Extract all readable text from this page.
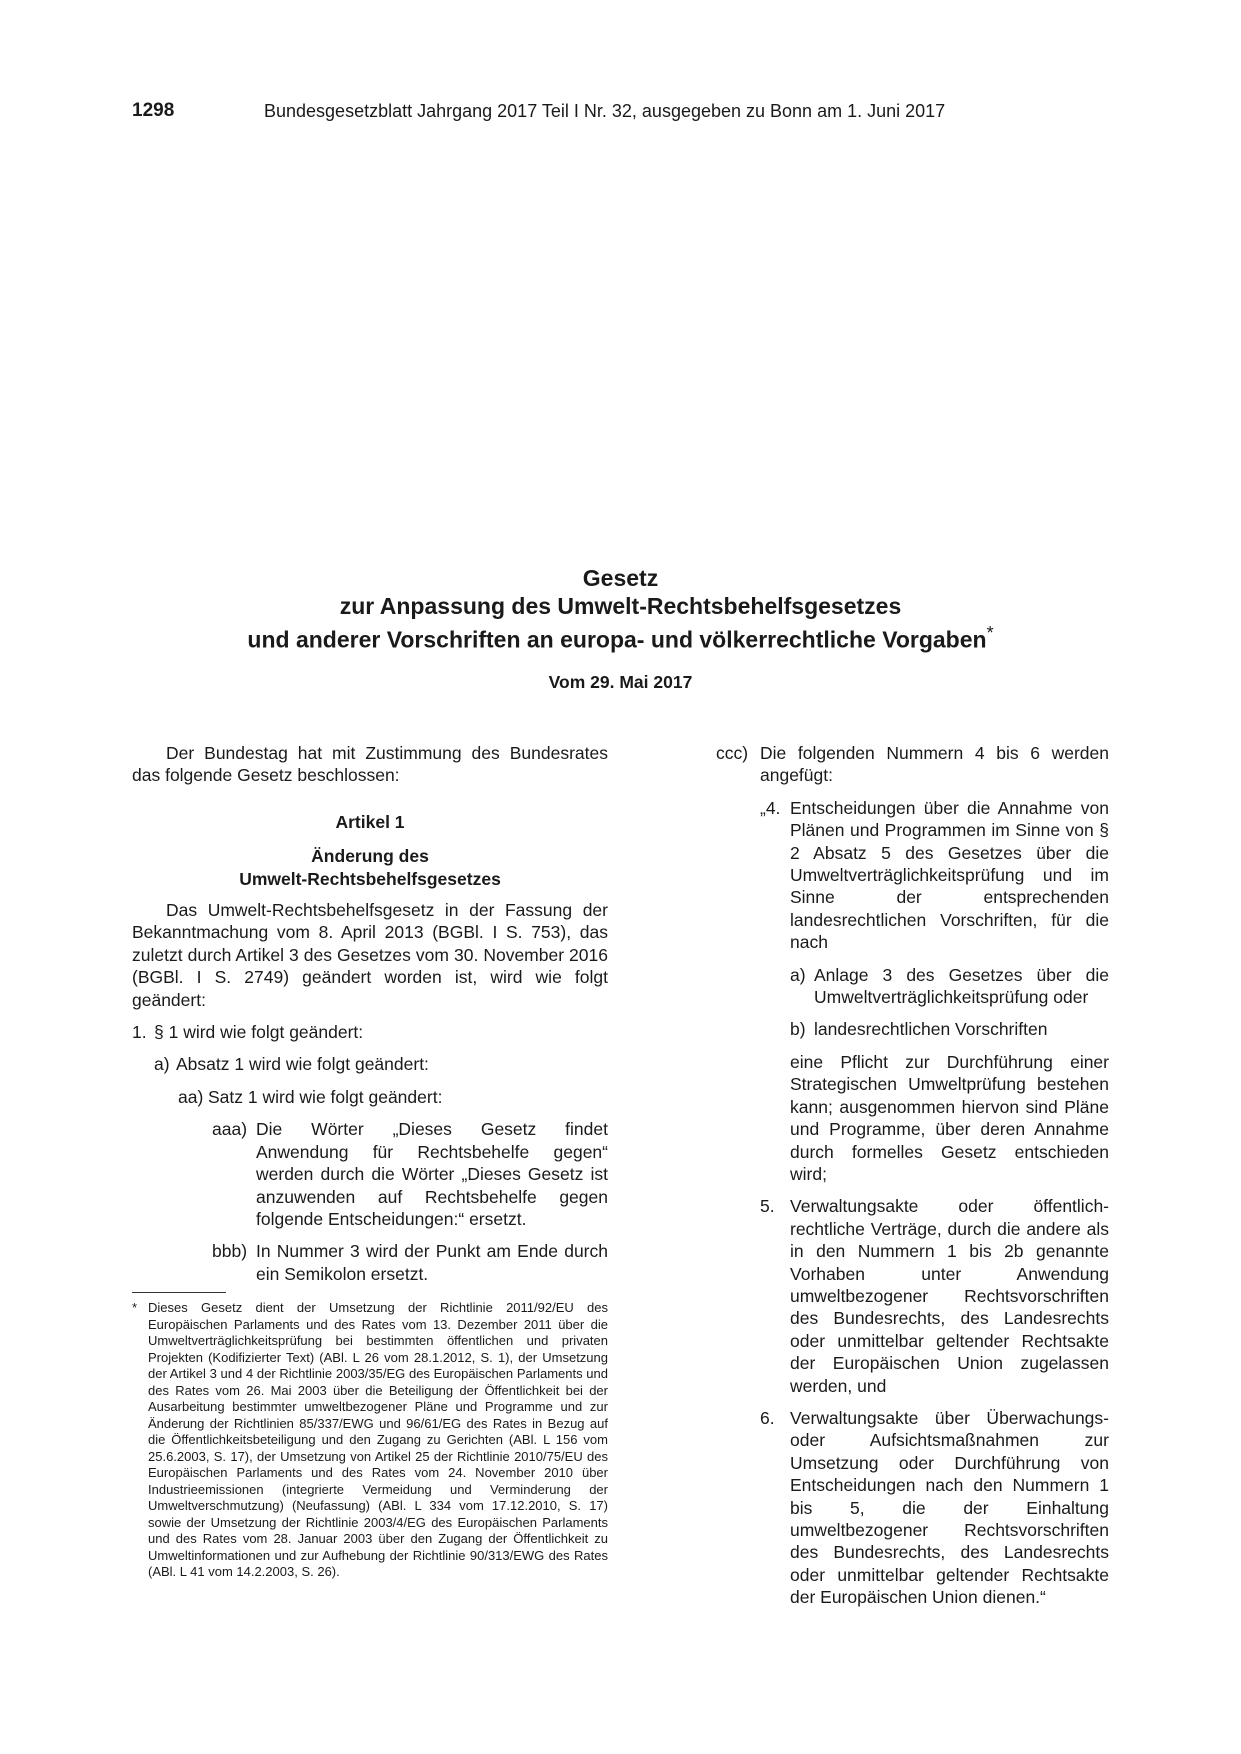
1298	Bundesgesetzblatt Jahrgang 2017 Teil I Nr. 32, ausgegeben zu Bonn am 1. Juni 2017
Gesetz
zur Anpassung des Umwelt-Rechtsbehelfsgesetzes
und anderer Vorschriften an europa- und völkerrechtliche Vorgaben*
Vom 29. Mai 2017

Der Bundestag hat mit Zustimmung des Bundesrates das folgende Gesetz beschlossen:

Artikel 1

Änderung des

Umwelt-Rechtsbehelfsgesetzes

Das Umwelt-Rechtsbehelfsgesetz in der Fassung der Bekanntmachung vom 8. April 2013 (BGBl. I S. 753), das zuletzt durch Artikel 3 des Gesetzes vom 30. November 2016 (BGBl. I S. 2749) geändert worden ist, wird wie folgt geändert:

1. § 1 wird wie folgt geändert:
a) Absatz 1 wird wie folgt geändert:
aa) Satz 1 wird wie folgt geändert:
aaa) Die Wörter „Dieses Gesetz findet Anwendung für Rechtsbehelfe gegen“ werden durch die Wörter „Dieses Gesetz ist anzuwenden auf Rechtsbehelfe gegen folgende Entscheidungen:“ ersetzt.
bbb) In Nummer 3 wird der Punkt am Ende durch ein Semikolon ersetzt.
* Dieses Gesetz dient der Umsetzung der Richtlinie 2011/92/EU des Europäischen Parlaments und des Rates vom 13. Dezember 2011 über die Umweltverträglichkeitsprüfung bei bestimmten öffentlichen und privaten Projekten (Kodifizierter Text) (ABl. L 26 vom 28.1.2012, S. 1), der Umsetzung der Artikel 3 und 4 der Richtlinie 2003/35/EG des Europäischen Parlaments und des Rates vom 26. Mai 2003 über die Beteiligung der Öffentlichkeit bei der Ausarbeitung bestimmter umweltbezogener Pläne und Programme und zur Änderung der Richtlinien 85/337/EWG und 96/61/EG des Rates in Bezug auf die Öffentlichkeitsbeteiligung und den Zugang zu Gerichten (ABl. L 156 vom 25.6.2003, S. 17), der Umsetzung von Artikel 25 der Richtlinie 2010/75/EU des Europäischen Parlaments und des Rates vom 24. November 2010 über Industrieemissionen (integrierte Vermeidung und Verminderung der Umweltverschmutzung) (Neufassung) (ABl. L 334 vom 17.12.2010, S. 17) sowie der Umsetzung der Richtlinie 2003/4/EG des Europäischen Parlaments und des Rates vom 28. Januar 2003 über den Zugang der Öffentlichkeit zu Umweltinformationen und zur Aufhebung der Richtlinie 90/313/EWG des Rates (ABl. L 41 vom 14.2.2003, S. 26).
ccc) Die folgenden Nummern 4 bis 6 werden angefügt:
„4. Entscheidungen über die Annahme von Plänen und Programmen im Sinne von § 2 Absatz 5 des Gesetzes über die Umweltverträglichkeitsprüfung und im Sinne der entsprechenden landesrechtlichen Vorschriften, für die nach
a) Anlage 3 des Gesetzes über die Umweltverträglichkeitsprüfung oder
b) landesrechtlichen Vorschriften

eine Pflicht zur Durchführung einer Strategischen Umweltprüfung bestehen kann; ausgenommen hiervon sind Pläne und Programme, über deren Annahme durch formelles Gesetz entschieden wird;

5. Verwaltungsakte oder öffentlich-rechtliche Verträge, durch die andere als in den Nummern 1 bis 2b genannte Vorhaben unter Anwendung umweltbezogener Rechtsvorschriften des Bundesrechts, des Landesrechts oder unmittelbar geltender Rechtsakte der Europäischen Union zugelassen werden, und
6. Verwaltungsakte über Überwachungs- oder Aufsichtsmaßnahmen zur Umsetzung oder Durchführung von Entscheidungen nach den Nummern 1 bis 5, die der Einhaltung umweltbezogener Rechtsvorschriften des Bundesrechts, des Landesrechts oder unmittelbar geltender Rechtsakte der Europäischen Union dienen.“
